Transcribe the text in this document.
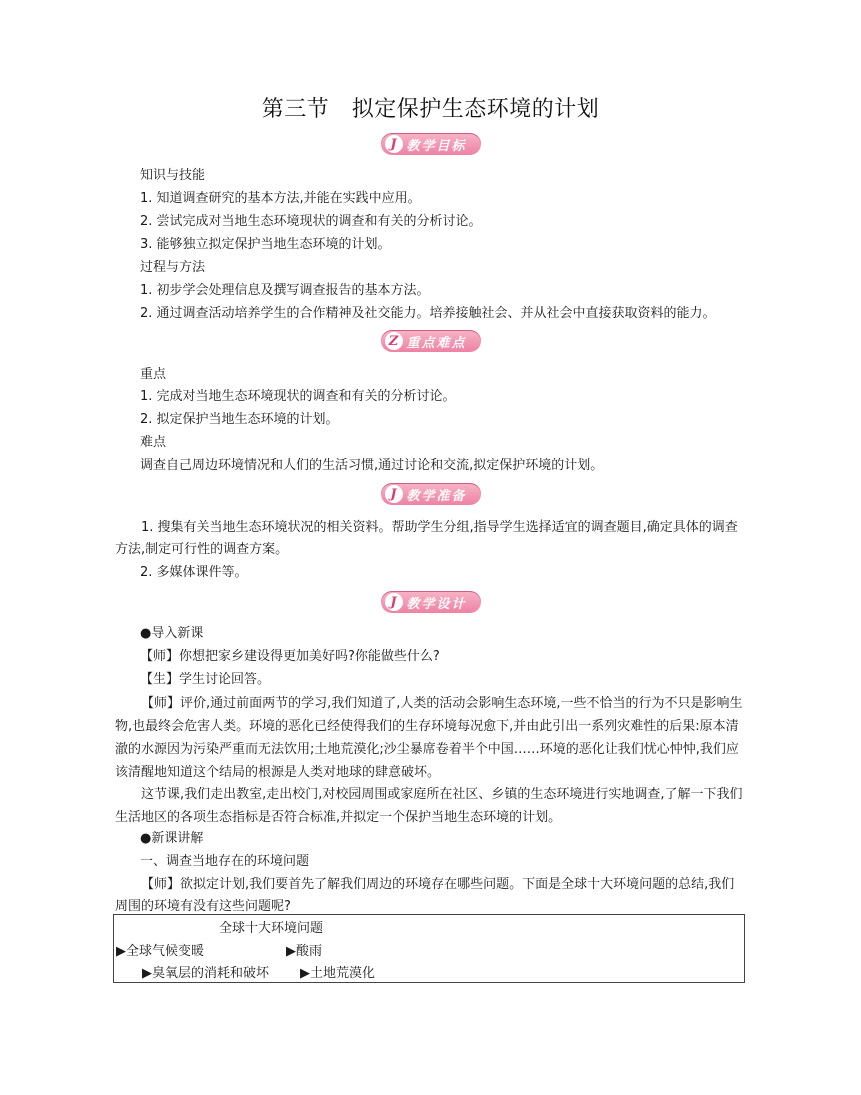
第三节　拟定保护生态环境的计划
J 教学目标
知识与技能
1. 知道调查研究的基本方法,并能在实践中应用。
2. 尝试完成对当地生态环境现状的调查和有关的分析讨论。
3. 能够独立拟定保护当地生态环境的计划。
过程与方法
1. 初步学会处理信息及撰写调查报告的基本方法。
2. 通过调查活动培养学生的合作精神及社交能力。培养接触社会、并从社会中直接获取资料的能力。
Z 重点难点
重点
1. 完成对当地生态环境现状的调查和有关的分析讨论。
2. 拟定保护当地生态环境的计划。
难点
调查自己周边环境情况和人们的生活习惯,通过讨论和交流,拟定保护环境的计划。
J 教学准备
1. 搜集有关当地生态环境状况的相关资料。帮助学生分组,指导学生选择适宜的调查题目,确定具体的调查方法,制定可行性的调查方案。
2. 多媒体课件等。
J 教学设计
●导入新课
【师】你想把家乡建设得更加美好吗?你能做些什么?
【生】学生讨论回答。
【师】评价,通过前面两节的学习,我们知道了,人类的活动会影响生态环境,一些不恰当的行为不只是影响生物,也最终会危害人类。环境的恶化已经使得我们的生存环境每况愈下,并由此引出一系列灾难性的后果:原本清澈的水源因为污染严重而无法饮用;土地荒漠化;沙尘暴席卷着半个中国……环境的恶化让我们忧心忡忡,我们应该清醒地知道这个结局的根源是人类对地球的肆意破坏。
这节课,我们走出教室,走出校门,对校园周围或家庭所在社区、乡镇的生态环境进行实地调查,了解一下我们生活地区的各项生态指标是否符合标准,并拟定一个保护当地生态环境的计划。
●新课讲解
一、调查当地存在的环境问题
【师】欲拟定计划,我们要首先了解我们周边的环境存在哪些问题。下面是全球十大环境问题的总结,我们周围的环境有没有这些问题呢?
全球十大环境问题
▶全球气候变暖	▶酸雨
▶臭氧层的消耗和破坏 ▶土地荒漠化
